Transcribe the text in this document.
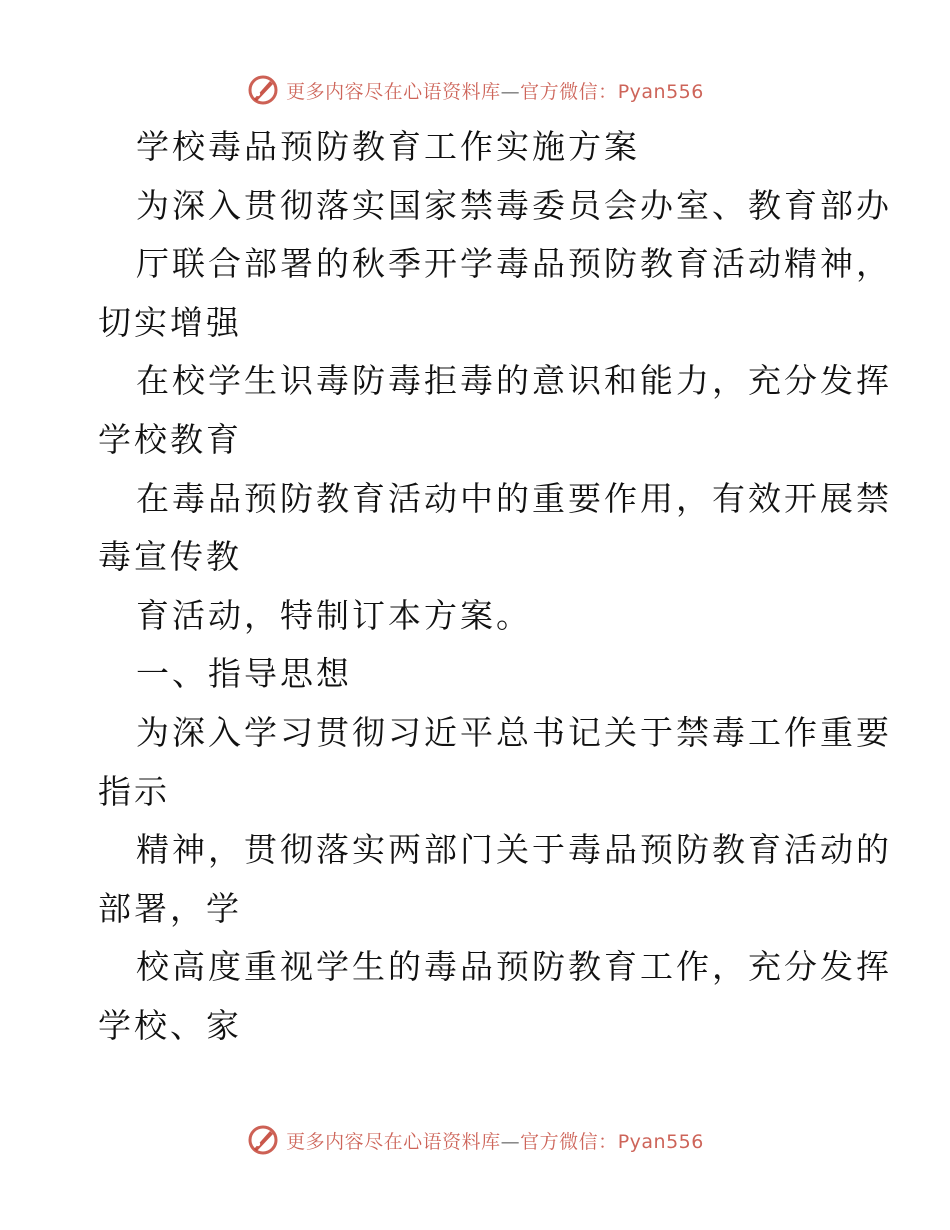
更多内容尽在心语资料库—官方微信：Pyan556
学校毒品预防教育工作实施方案
为深入贯彻落实国家禁毒委员会办室、教育部办
厅联合部署的秋季开学毒品预防教育活动精神，
切实增强
在校学生识毒防毒拒毒的意识和能力，充分发挥
学校教育
在毒品预防教育活动中的重要作用，有效开展禁
毒宣传教
育活动，特制订本方案。
一、指导思想
为深入学习贯彻习近平总书记关于禁毒工作重要
指示
精神，贯彻落实两部门关于毒品预防教育活动的
部署，学
校高度重视学生的毒品预防教育工作，充分发挥
学校、家
更多内容尽在心语资料库—官方微信：Pyan556
